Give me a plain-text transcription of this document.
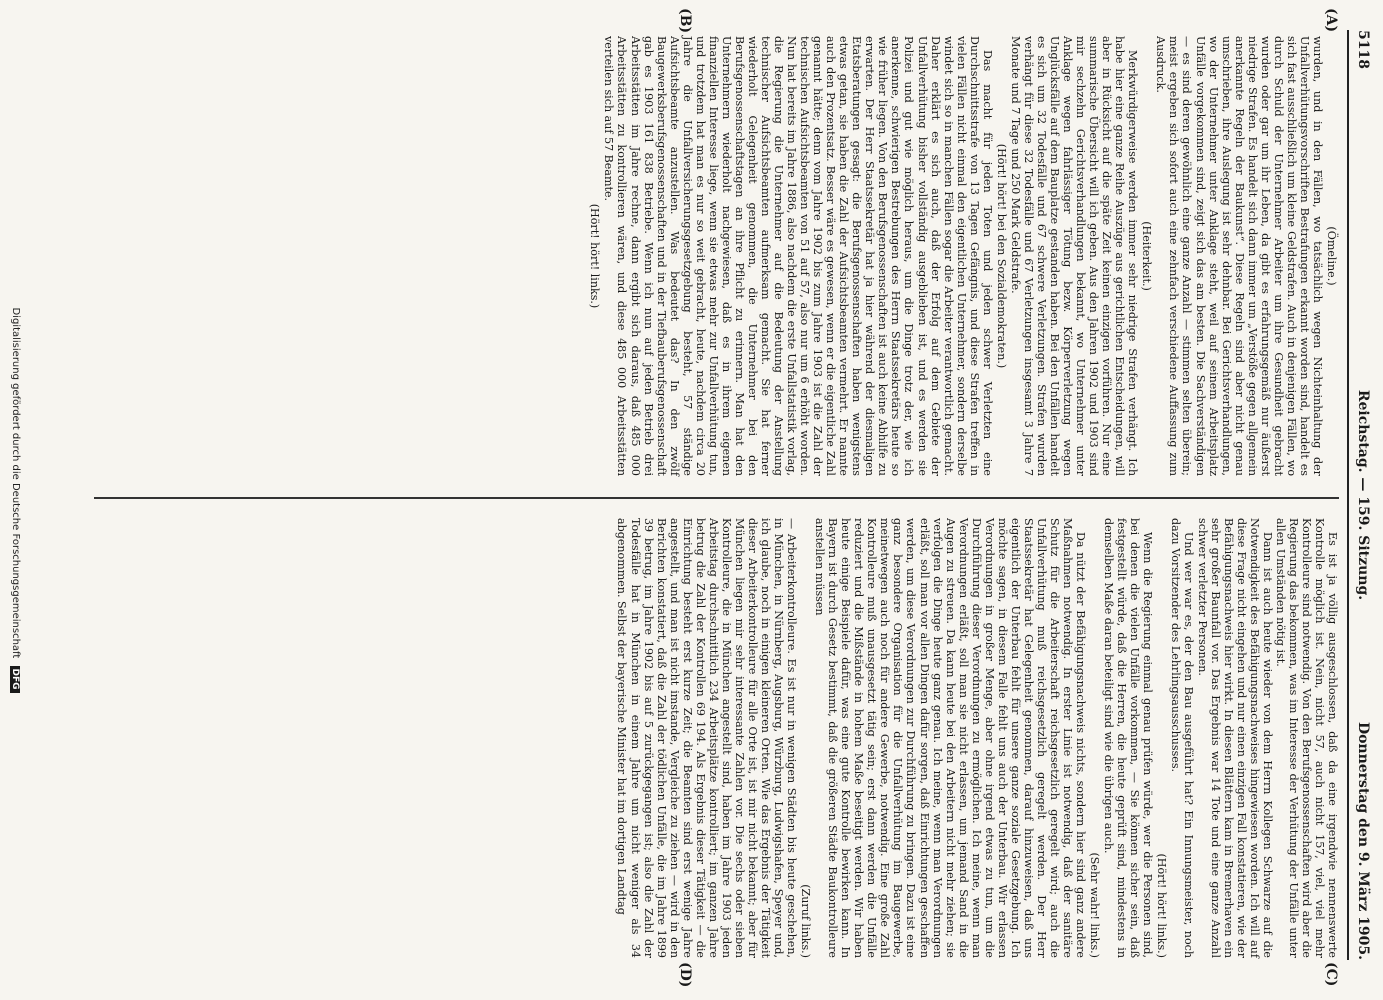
5118
Reichstag. — 159. Sitzung.
Donnerstag den 9. März 1905.
(A)
(B)
(C)
(D)
(Ömeline.)

wurden, und in den Fällen, wo tatsächlich wegen Nichteinhaltung der Unfallverhütungsvorschriften Bestrafungen erkannt worden sind, handelt es sich fast ausschließlich um kleine Geldstrafen. Auch in denjenigen Fällen, wo durch Schuld der Unternehmer Arbeiter um ihre Gesundheit gebracht wurden oder gar um ihr Leben, da gibt es erfahrungsgemäß nur äußerst niedrige Strafen. Es handelt sich dann immer um „Verstöße gegen allgemein anerkannte Regeln der Baukunst“. Diese Regeln sind aber nicht genau umschrieben, ihre Auslegung ist sehr dehnbar. Bei Gerichtsverhandlungen, wo der Unternehmer unter Anklage steht, weil auf seinem Arbeitsplatz Unfälle vorgekommen sind, zeigt sich das am besten. Die Sachverständigen — es sind deren gewöhnlich eine ganze Anzahl — stimmen selten überein; meist ergeben sich sofort auch eine zehnfach verschiedene Auffassung zum Ausdruck.

(Heiterkeit.)

Merkwürdigerweise werden immer sehr niedrige Strafen verhängt. Ich habe hier eine ganze Reihe Auszüge aus gerichtlichen Entscheidungen, will aber in Rücksicht auf die späte Zeit keinen einzigen vorführen. Nur eine summarische Übersicht will ich geben. Aus den Jahren 1902 und 1903 sind mir sechzehn Gerichtsverhandlungen bekannt, wo Unternehmer unter Anklage wegen fahrlässiger Tötung bezw. Körperverletzung wegen Unglücksfälle auf dem Bauplatze gestanden haben. Bei den Unfällen handelt es sich um 32 Todesfälle und 67 schwere Verletzungen. Strafen wurden verhängt für diese 32 Todesfälle und 67 Verletzungen insgesamt 3 Jahre 7 Monate und 7 Tage und 250 Mark Geldstrafe.

(Hört! hört! bei den Sozialdemokraten.)

Das macht für jeden Toten und jeden schwer Verletzten eine Durchschnittsstrafe von 13 Tagen Gefängnis, und diese Strafen treffen in vielen Fällen nicht einmal den eigentlichen Unternehmer, sondern derselbe windet sich so in manchen Fällen sogar die Arbeiter verantwortlich gemacht. Daher erklärt es sich auch, daß der Erfolg auf dem Gebiete der Unfallverhütung bisher vollständig ausgeblieben ist, und es werden sie Polizei und gut wie möglich heraus, um die Dinge trotz der, wie ich anerkenne, schwierigen Bestrebungen des Herrn Staatssekretärs heute so wie früher liegen. Von den Berufsgenossenschaften ist auch keine Abhilfe zu erwarten. Der Herr Staatssekretär hat ja hier während der diesmaligen Etatsberatungen gesagt: die Berufsgenossenschaften haben wenigstens etwas getan, sie haben die Zahl der Aufsichtsbeamten vermehrt. Er nannte auch den Prozentsatz. Besser wäre es gewesen, wenn er die eigentliche Zahl genannt hätte; denn vom Jahre 1902 bis zum Jahre 1903 ist die Zahl der technischen Aufsichtsbeamten von 51 auf 57, also nur um 6 erhöht worden. Nun hat bereits im Jahre 1886, also nachdem die erste Unfallstatistik vorlag, die Regierung die Unternehmer auf die Bedeutung der Anstellung technischer Aufsichtsbeamten aufmerksam gemacht. Sie hat ferner wiederholt Gelegenheit genommen, die Unternehmer bei den Berufsgenossenschaftstagen an ihre Pflicht zu erinnern. Man hat den Unternehmern wiederholt nachgewiesen, daß es in ihrem eigenen finanziellen Interesse liege, wenn sie etwas mehr zur Unfallverhütung tun, und trotzdem hat man es nur so weit gebracht, heute, nachdem circa 20 Jahre die Unfallversicherungsgesetzgebung besteht, 57 ständige Aufsichtsbeamte anzustellen. Was bedeutet das? In den zwölf Baugewerksberufsgenossenschaften und in der Tiefbauberufsgenossenschaft gab es 1903 161 838 Betriebe. Wenn ich nun auf jeden Betrieb drei Arbeitsstätten im Jahre rechne, dann ergibt sich daraus, daß 485 000 Arbeitsstätten zu kontrollieren wären, und diese 485 000 Arbeitsstätten verteilen sich auf 57 Beamte.

(Hört! hört! links.)

Es ist ja völlig ausgeschlossen, daß da eine irgendwie nennenswerte Kontrolle möglich ist. Nein, nicht 57, auch nicht 157, viel, viel mehr Kontrolleure sind notwendig. Von den Berufsgenossenschaften wird aber die Regierung das bekommen, was im Interesse der Verhütung der Unfälle unter allen Umständen nötig ist.

Dann ist auch heute wieder von dem Herrn Kollegen Schwarze auf die Notwendigkeit des Befähigungsnachweises hingewiesen worden. Ich will auf diese Frage nicht eingehen und nur einen einzigen Fall konstatieren, wie der Befähigungsnachweis hier wirkt. In diesen Blättern kam in Bremerhaven ein sehr großer Baunfall vor. Das Ergebnis war 14 Tote und eine ganze Anzahl schwer verletzter Personen.

Und wer war es, der den Bau ausgeführt hat? Ein Innungsmeister, noch dazu Vorsitzender des Lehrlingsausschusses.

(Hört! hört! links.)

Wenn die Regierung einmal genau prüfen würde, wer die Personen sind, bei denen die vielen Unfälle vorkommen, — Sie können sicher sein, daß festgestellt würde, daß die Herren, die heute geprüft sind, mindestens in demselben Maße daran beteiligt sind wie die übrigen auch.

(Sehr wahr! links.)

Da nützt der Befähigungsnachweis nichts, sondern hier sind ganz andere Maßnahmen notwendig. In erster Linie ist notwendig, daß der sanitäre Schutz für die Arbeiterschaft reichsgesetzlich geregelt wird; auch die Unfallverhütung muß reichsgesetzlich geregelt werden. Der Herr Staatssekretär hat Gelegenheit genommen, darauf hinzuweisen, daß uns eigentlich der Unterbau fehlt für unsere ganze soziale Gesetzgebung. Ich möchte sagen, in diesem Falle fehlt uns auch der Unterbau. Wir erlassen Verordnungen in großer Menge, aber ohne irgend etwas zu tun, um die Durchführung dieser Verordnungen zu ermöglichen. Ich meine, wenn man Verordnungen erläßt, soll man sie nicht erlassen, um jemand Sand in die Augen zu streuen. Da kann heute bei den Arbeitern nicht mehr ziehen; sie verfolgen die Dinge heute ganz genau. Ich meine, wenn man Verordnungen erläßt, soll man vor allen Dingen dafür sorgen, daß Einrichtungen geschaffen werden, um diese Verordnungen zur Durchführung zu bringen. Dazu ist eine ganz besondere Organisation für die Unfallverhütung im Baugewerbe, meinetwegen auch noch für andere Gewerbe, notwendig. Eine große Zahl Kontrolleure muß unausgesetzt tätig sein; erst dann werden die Unfälle reduziert und die Mißstände in hohem Maße beseitigt werden. Wir haben heute einige Beispiele dafür, was eine gute Kontrolle bewirken kann. In Bayern ist durch Gesetz bestimmt, daß die größeren Städte Baukontrolleure anstellen müssen

(Zuruf links.)

— Arbeiterkontrolleure. Es ist nur in wenigen Städten bis heute geschehen, in München, in Nürnberg, Augsburg, Würzburg, Ludwigshafen, Speyer und, ich glaube, noch in einigen kleineren Orten. Wie das Ergebnis der Tätigkeit dieser Arbeiterkontrolleure für alle Orte ist, ist mir nicht bekannt; aber für München liegen mir sehr interessante Zahlen vor. Die sechs oder sieben Kontrolleure, die in München angestellt sind, haben im Jahre 1903 jeden Arbeitstag durchschnittlich 234 Arbeitsplätze kontrolliert; im ganzen Jahre betrug die Zahl der Kontrollen 69 194. Als Ergebnis dieser Tätigkeit — die Einrichtung besteht erst kurze Zeit; die Beamten sind erst wenige Jahre angestellt, und man ist nicht imstande, Vergleiche zu ziehen — wird in den Berichten konstatiert, daß die Zahl der tödlichen Unfälle, die im Jahre 1899 39 betrug, im Jahre 1902 bis auf 5 zurückgegangen ist; also die Zahl der Todesfälle hat in München in einem Jahre um nicht weniger als 34 abgenommen. Selbst der bayerische Minister hat im dortigen Landtag

Digitalisierung gefördert durch die Deutsche Forschungsgemeinschaft DFG
